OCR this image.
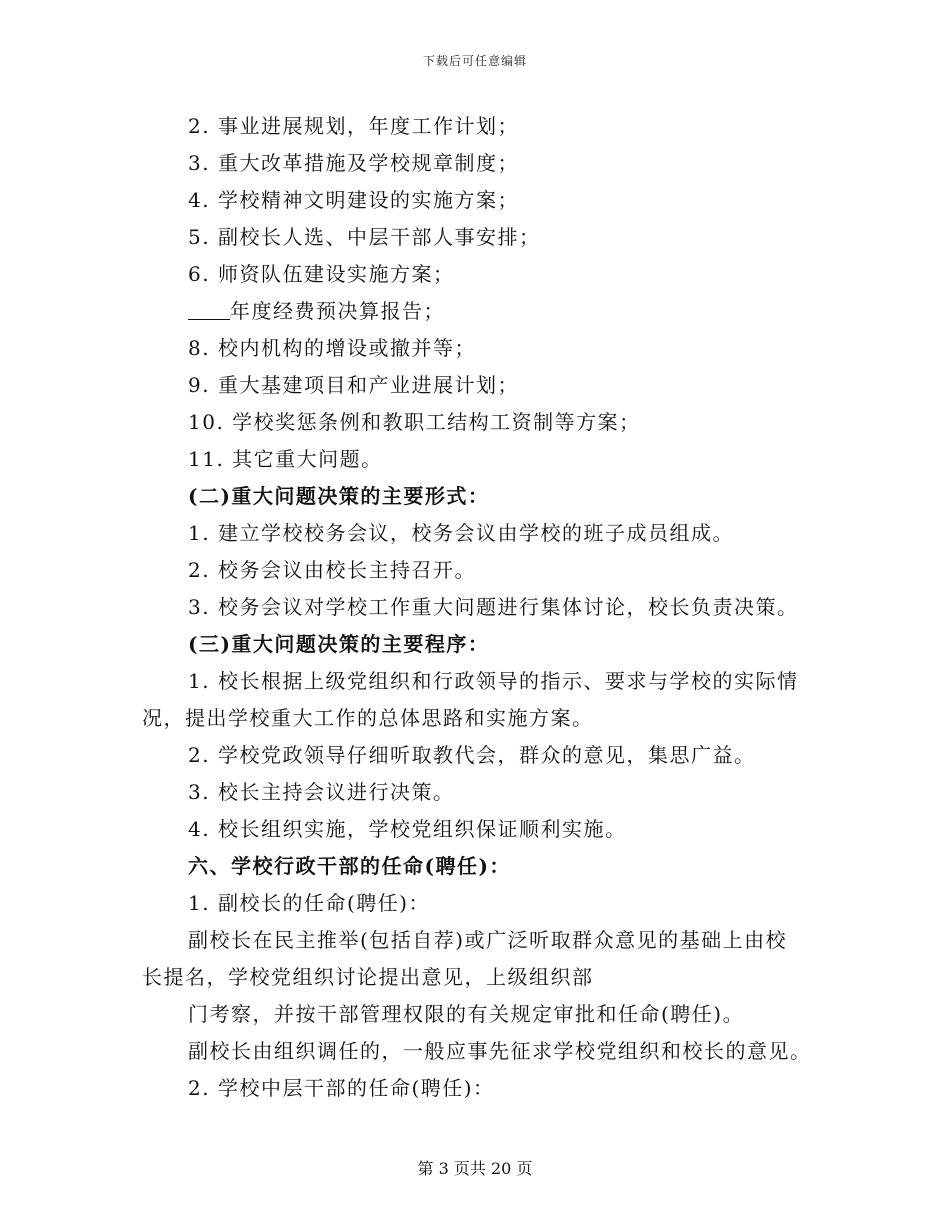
下载后可任意编辑
2. 事业进展规划，年度工作计划；
3. 重大改革措施及学校规章制度；
4. 学校精神文明建设的实施方案；
5. 副校长人选、中层干部人事安排；
6. 师资队伍建设实施方案；
年度经费预决算报告；
8. 校内机构的增设或撤并等；
9. 重大基建项目和产业进展计划；
10. 学校奖惩条例和教职工结构工资制等方案；
11. 其它重大问题。
(二)重大问题决策的主要形式：
1. 建立学校校务会议，校务会议由学校的班子成员组成。
2. 校务会议由校长主持召开。
3. 校务会议对学校工作重大问题进行集体讨论，校长负责决策。
(三)重大问题决策的主要程序：
1. 校长根据上级党组织和行政领导的指示、要求与学校的实际情
况，提出学校重大工作的总体思路和实施方案。
2. 学校党政领导仔细听取教代会，群众的意见，集思广益。
3. 校长主持会议进行决策。
4. 校长组织实施，学校党组织保证顺利实施。
六、学校行政干部的任命(聘任)：
1. 副校长的任命(聘任)：
副校长在民主推举(包括自荐)或广泛听取群众意见的基础上由校
长提名，学校党组织讨论提出意见，上级组织部
门考察，并按干部管理权限的有关规定审批和任命(聘任)。
副校长由组织调任的，一般应事先征求学校党组织和校长的意见。
2. 学校中层干部的任命(聘任)：
第 3 页共 20 页
